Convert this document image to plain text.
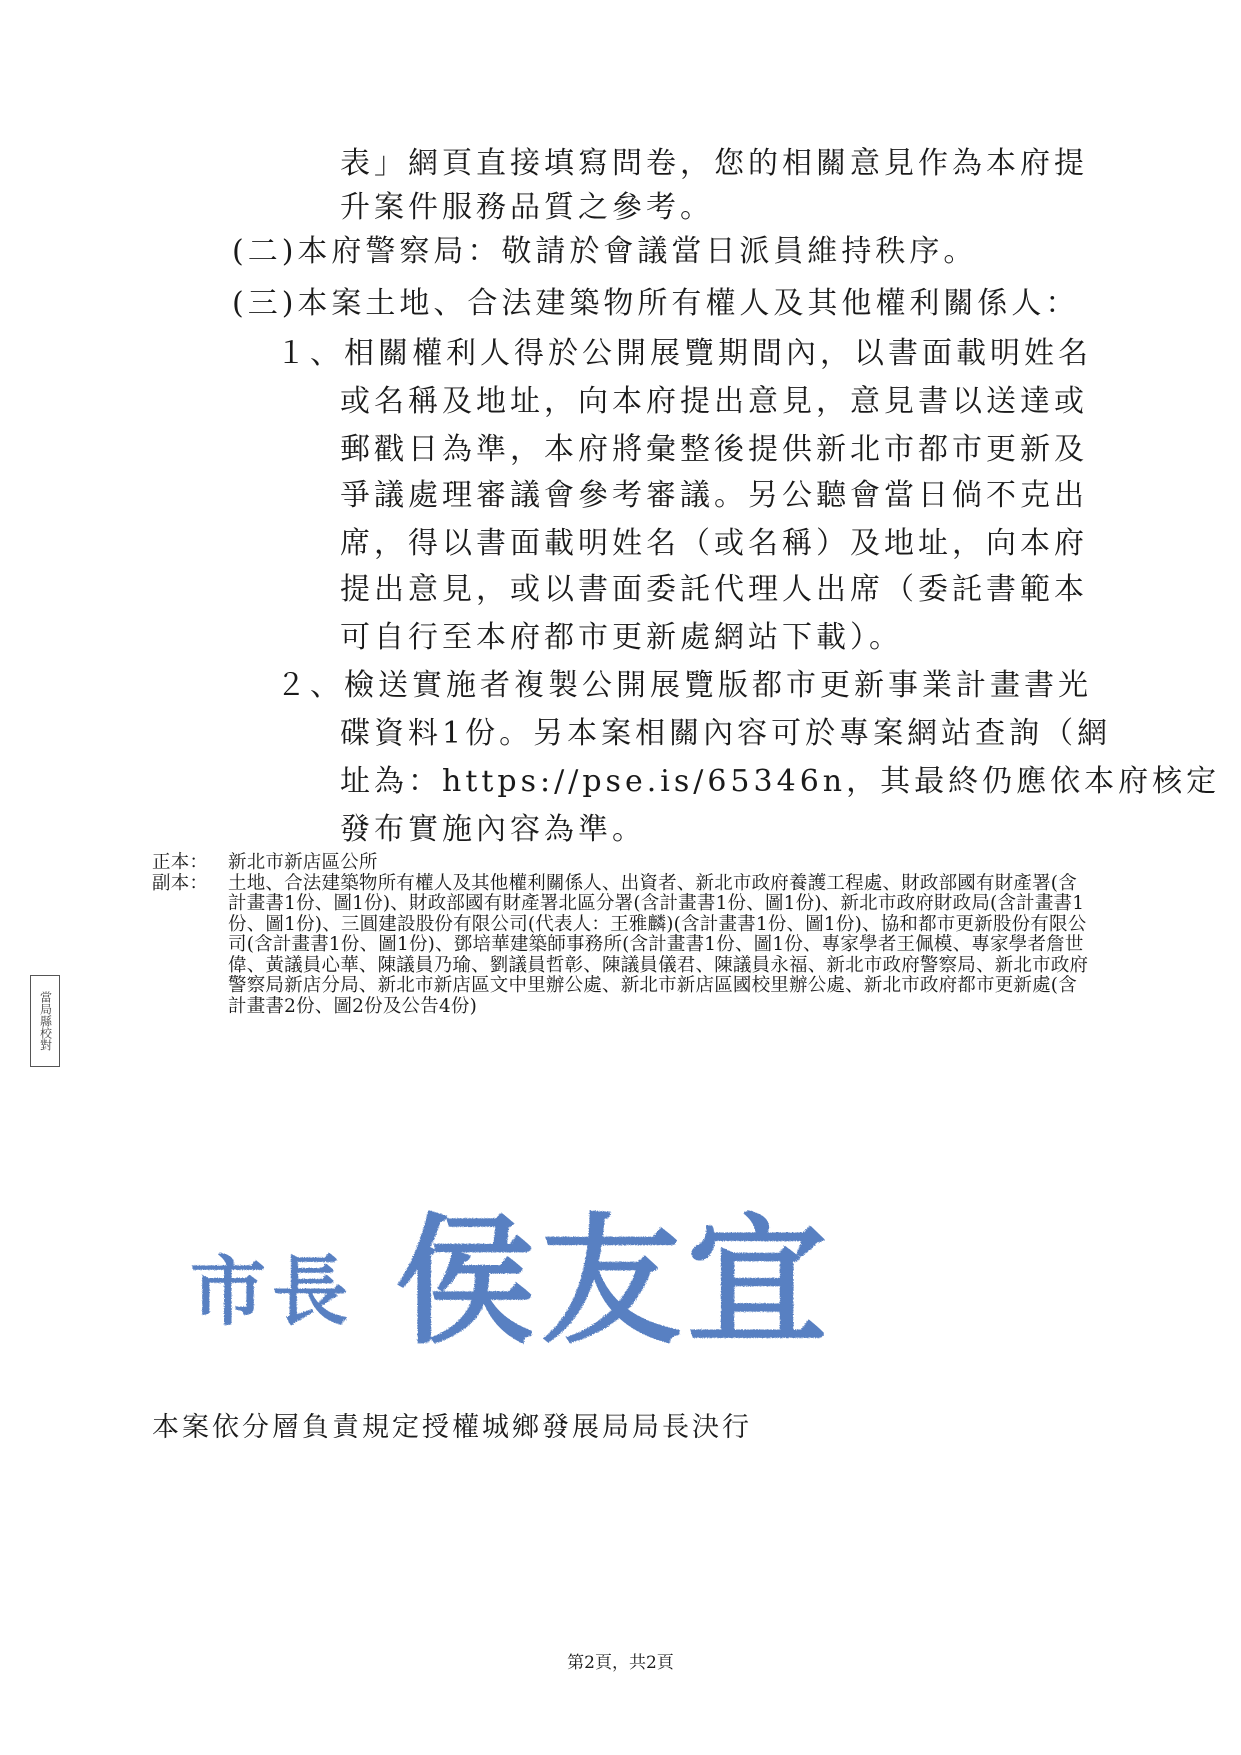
表」網頁直接填寫問卷，您的相關意見作為本府提
升案件服務品質之參考。
(二)本府警察局：敬請於會議當日派員維持秩序。
(三)本案土地、合法建築物所有權人及其他權利關係人：
１、相關權利人得於公開展覽期間內，以書面載明姓名
或名稱及地址，向本府提出意見，意見書以送達或
郵戳日為準，本府將彙整後提供新北市都市更新及
爭議處理審議會參考審議。另公聽會當日倘不克出
席，得以書面載明姓名（或名稱）及地址，向本府
提出意見，或以書面委託代理人出席（委託書範本
可自行至本府都市更新處網站下載）。
２、檢送實施者複製公開展覽版都市更新事業計畫書光
碟資料1份。另本案相關內容可於專案網站查詢（網
址為：https://pse.is/65346n，其最終仍應依本府核定
發布實施內容為準。
正本：	新北市新店區公所
副本：	土地、合法建築物所有權人及其他權利關係人、出資者、新北市政府養護工程處、財政部國有財產署(含計畫書1份、圖1份)、財政部國有財產署北區分署(含計畫書1份、圖1份)、新北市政府財政局(含計畫書1份、圖1份)、三圓建設股份有限公司(代表人：王雅麟)(含計畫書1份、圖1份)、協和都市更新股份有限公司(含計畫書1份、圖1份)、鄧培華建築師事務所(含計畫書1份、圖1份、專家學者王佩模、專家學者詹世偉、黃議員心華、陳議員乃瑜、劉議員哲彰、陳議員儀君、陳議員永福、新北市政府警察局、新北市政府警察局新店分局、新北市新店區文中里辦公處、新北市新店區國校里辦公處、新北市政府都市更新處(含計畫書2份、圖2份及公告4份)
當局縣校對
市長 侯友宜
本案依分層負責規定授權城鄉發展局局長決行
第2頁，共2頁
